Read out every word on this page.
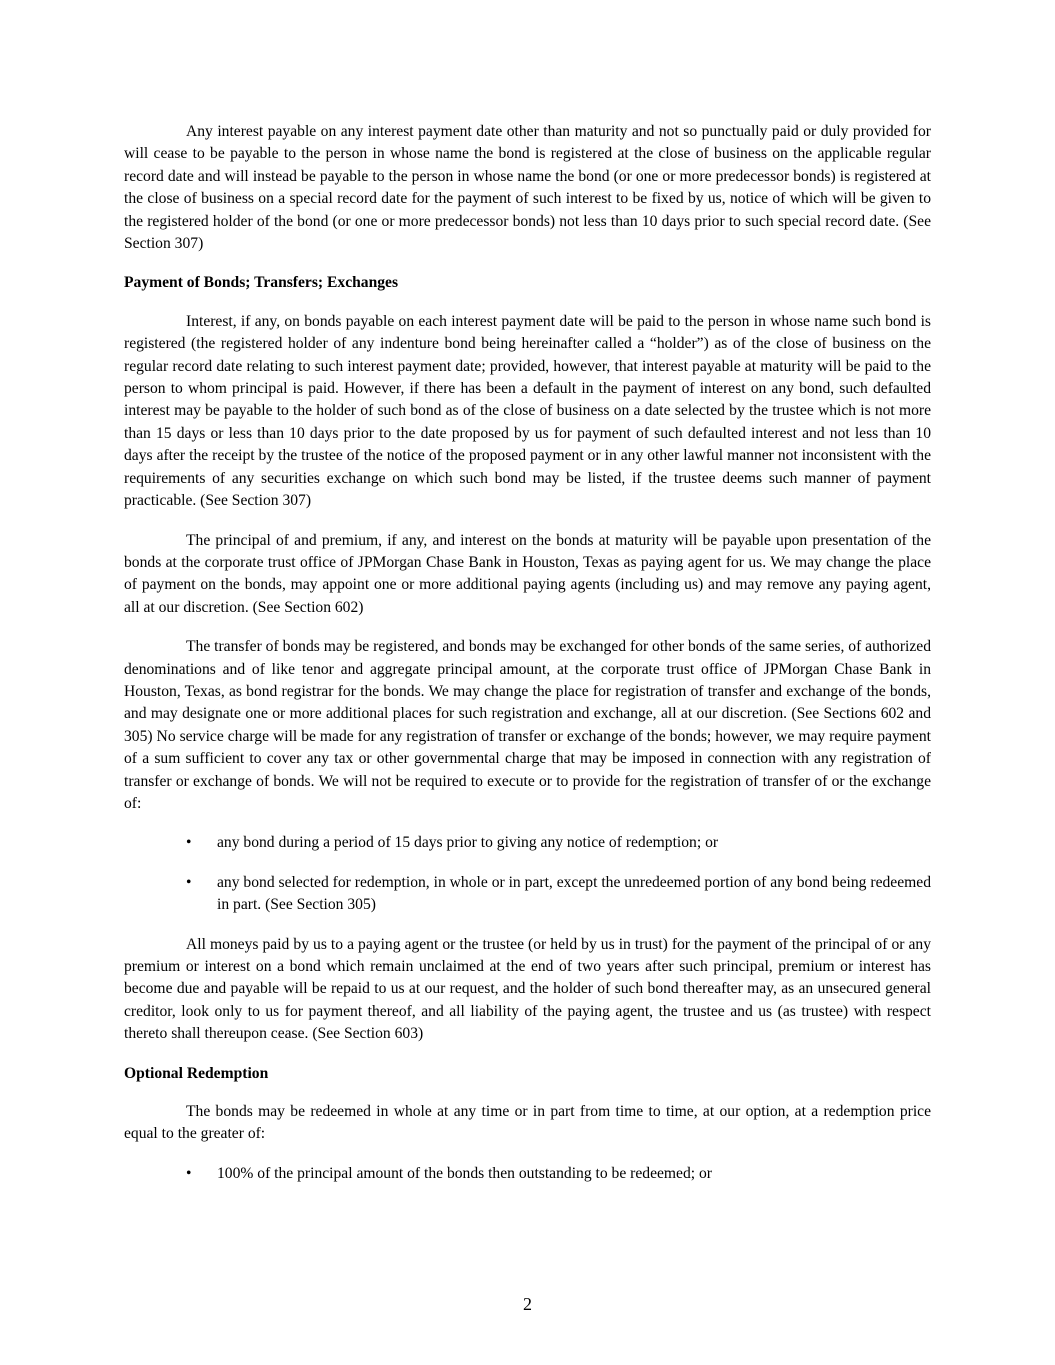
Any interest payable on any interest payment date other than maturity and not so punctually paid or duly provided for will cease to be payable to the person in whose name the bond is registered at the close of business on the applicable regular record date and will instead be payable to the person in whose name the bond (or one or more predecessor bonds) is registered at the close of business on a special record date for the payment of such interest to be fixed by us, notice of which will be given to the registered holder of the bond (or one or more predecessor bonds) not less than 10 days prior to such special record date. (See Section 307)

Payment of Bonds; Transfers; Exchanges

Interest, if any, on bonds payable on each interest payment date will be paid to the person in whose name such bond is registered (the registered holder of any indenture bond being hereinafter called a “holder”) as of the close of business on the regular record date relating to such interest payment date; provided, however, that interest payable at maturity will be paid to the person to whom principal is paid. However, if there has been a default in the payment of interest on any bond, such defaulted interest may be payable to the holder of such bond as of the close of business on a date selected by the trustee which is not more than 15 days or less than 10 days prior to the date proposed by us for payment of such defaulted interest and not less than 10 days after the receipt by the trustee of the notice of the proposed payment or in any other lawful manner not inconsistent with the requirements of any securities exchange on which such bond may be listed, if the trustee deems such manner of payment practicable. (See Section 307)

The principal of and premium, if any, and interest on the bonds at maturity will be payable upon presentation of the bonds at the corporate trust office of JPMorgan Chase Bank in Houston, Texas as paying agent for us. We may change the place of payment on the bonds, may appoint one or more additional paying agents (including us) and may remove any paying agent, all at our discretion. (See Section 602)

The transfer of bonds may be registered, and bonds may be exchanged for other bonds of the same series, of authorized denominations and of like tenor and aggregate principal amount, at the corporate trust office of JPMorgan Chase Bank in Houston, Texas, as bond registrar for the bonds. We may change the place for registration of transfer and exchange of the bonds, and may designate one or more additional places for such registration and exchange, all at our discretion. (See Sections 602 and 305) No service charge will be made for any registration of transfer or exchange of the bonds; however, we may require payment of a sum sufficient to cover any tax or other governmental charge that may be imposed in connection with any registration of transfer or exchange of bonds. We will not be required to execute or to provide for the registration of transfer of or the exchange of:

• any bond during a period of 15 days prior to giving any notice of redemption; or
• any bond selected for redemption, in whole or in part, except the unredeemed portion of any bond being redeemed in part. (See Section 305)

All moneys paid by us to a paying agent or the trustee (or held by us in trust) for the payment of the principal of or any premium or interest on a bond which remain unclaimed at the end of two years after such principal, premium or interest has become due and payable will be repaid to us at our request, and the holder of such bond thereafter may, as an unsecured general creditor, look only to us for payment thereof, and all liability of the paying agent, the trustee and us (as trustee) with respect thereto shall thereupon cease. (See Section 603)

Optional Redemption

The bonds may be redeemed in whole at any time or in part from time to time, at our option, at a redemption price equal to the greater of:

• 100% of the principal amount of the bonds then outstanding to be redeemed; or
2
